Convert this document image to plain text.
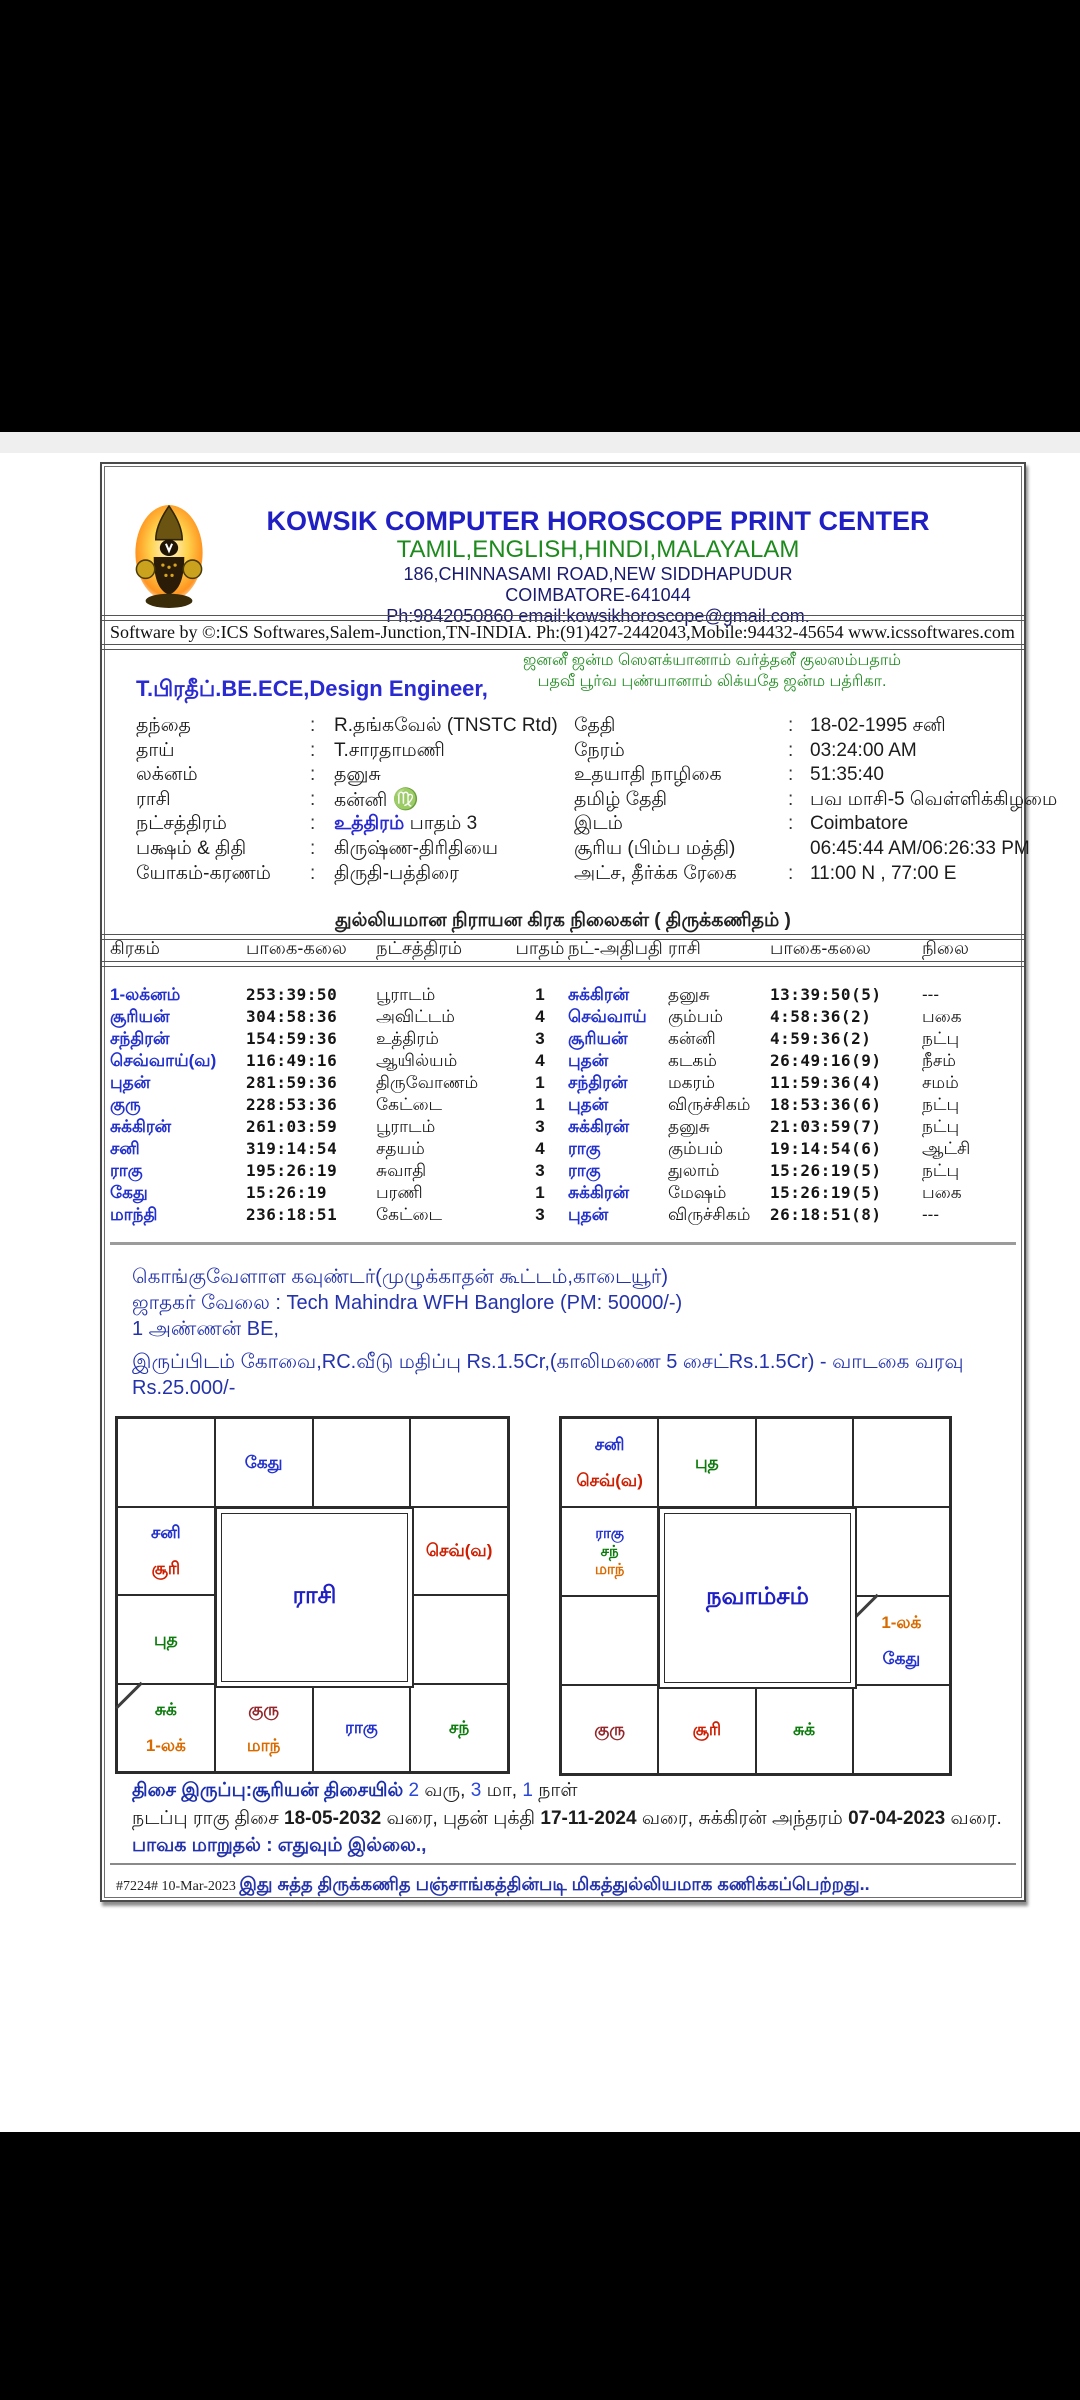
KOWSIK COMPUTER HOROSCOPE PRINT CENTER
TAMIL,ENGLISH,HINDI,MALAYALAM
186,CHINNASAMI ROAD,NEW SIDDHAPUDUR
COIMBATORE-641044
Ph:9842050860 email:kowsikhoroscope@gmail.com.
Software by ©:ICS Softwares,Salem-Junction,TN-INDIA. Ph:(91)427-2442043,Mobile:94432-45654 www.icssoftwares.com
ஜனனீ ஜன்ம ஸௌக்யானாம் வர்த்தனீ குலஸம்பதாம்
பதவீ பூர்வ புண்யானாம் லிக்யதே ஜன்ம பத்ரிகா.
T.பிரதீப்.BE.ECE,Design Engineer,
தந்தை	: R.தங்கவேல் (TNSTC Rtd)
தாய்	: T.சாரதாமணி
லக்னம்	: தனுசு
ராசி	: கன்னி ♍
நட்சத்திரம்	: உத்திரம் பாதம் 3
பக்ஷம் & திதி	: கிருஷ்ண-திரிதியை
யோகம்-கரணம்	: திருதி-பத்திரை
தேதி	: 18-02-1995 சனி
நேரம்	: 03:24:00 AM
உதயாதி நாழிகை	: 51:35:40
தமிழ் தேதி	: பவ மாசி-5 வெள்ளிக்கிழமை
இடம்	: Coimbatore
சூரிய (பிம்ப மத்தி)	06:45:44 AM/06:26:33 PM
அட்ச, தீர்க்க ரேகை	: 11:00 N , 77:00 E
துல்லியமான நிராயன கிரக நிலைகள் ( திருக்கணிதம் )
கிரகம்	பாகை-கலை	நட்சத்திரம்	பாதம் நட்-அதிபதி ராசி	பாகை-கலை	நிலை
1-லக்னம்	253:39:50	பூராடம்	1	சுக்கிரன்	தனுசு	13:39:50(5)	---
சூரியன்	304:58:36	அவிட்டம்	4	செவ்வாய்	கும்பம்	4:58:36(2)	பகை
சந்திரன்	154:59:36	உத்திரம்	3	சூரியன்	கன்னி	4:59:36(2)	நட்பு
செவ்வாய்(வ)	116:49:16	ஆயில்யம்	4	புதன்	கடகம்	26:49:16(9)	நீசம்
புதன்	281:59:36	திருவோணம்	1	சந்திரன்	மகரம்	11:59:36(4)	சமம்
குரு	228:53:36	கேட்டை	1	புதன்	விருச்சிகம்	18:53:36(6)	நட்பு
சுக்கிரன்	261:03:59	பூராடம்	3	சுக்கிரன்	தனுசு	21:03:59(7)	நட்பு
சனி	319:14:54	சதயம்	4	ராகு	கும்பம்	19:14:54(6)	ஆட்சி
ராகு	195:26:19	சுவாதி	3	ராகு	துலாம்	15:26:19(5)	நட்பு
கேது	15:26:19	பரணி	1	சுக்கிரன்	மேஷம்	15:26:19(5)	பகை
மாந்தி	236:18:51	கேட்டை	3	புதன்	விருச்சிகம்	26:18:51(8)	---
கொங்குவேளாள கவுண்டர்(முழுக்காதன் கூட்டம்,காடையூர்)
ஜாதகர் வேலை : Tech Mahindra WFH Banglore (PM: 50000/-)
1 அண்ணன் BE,
இருப்பிடம் கோவை,RC.வீடு மதிப்பு Rs.1.5Cr,(காலிமணை 5 சைட்Rs.1.5Cr) - வாடகை வரவு Rs.25.000/-
கேது
சனி
சூரி
செவ்(வ)
புத
சுக்
1-லக்
குரு
மாந்
ராகு	சந்
ராசி
சனி
செவ்(வ)
புத
ராகு
சந்
மாந்
1-லக்
கேது
குரு	சூரி	சுக்
நவாம்சம்
திசை இருப்பு:சூரியன் திசையில் 2 வரு, 3 மா, 1 நாள்
நடப்பு ராகு திசை 18-05-2032 வரை, புதன் புக்தி 17-11-2024 வரை, சுக்கிரன் அந்தரம் 07-04-2023 வரை.
பாவக மாறுதல் : எதுவும் இல்லை.,
#7224# 10-Mar-2023 இது சுத்த திருக்கணித பஞ்சாங்கத்தின்படி மிகத்துல்லியமாக கணிக்கப்பெற்றது..
